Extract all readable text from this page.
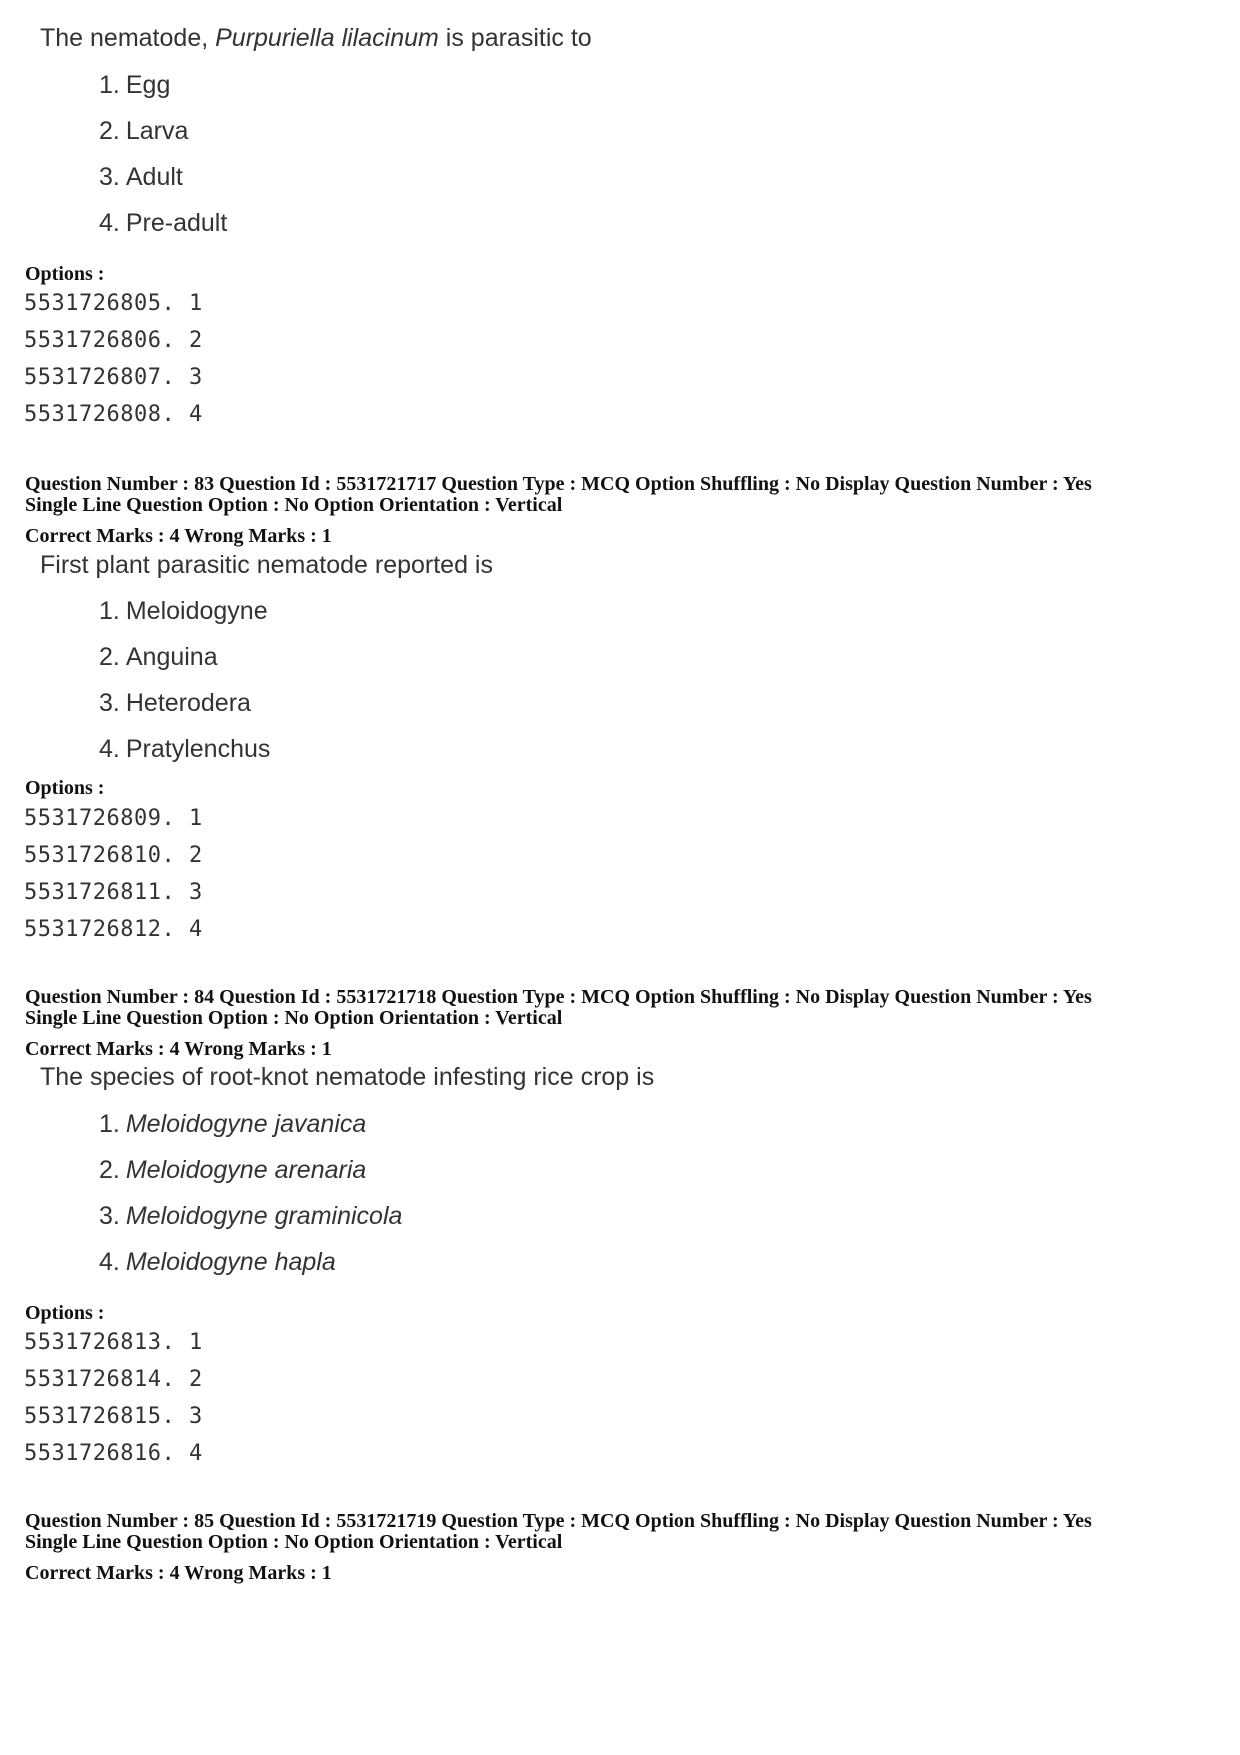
The nematode, Purpuriella lilacinum is parasitic to
1. Egg
2. Larva
3. Adult
4. Pre-adult
Options :
5531726805. 1
5531726806. 2
5531726807. 3
5531726808. 4
Question Number : 83 Question Id : 5531721717 Question Type : MCQ Option Shuffling : No Display Question Number : Yes
Single Line Question Option : No Option Orientation : Vertical
Correct Marks : 4 Wrong Marks : 1
First plant parasitic nematode reported is
1. Meloidogyne
2. Anguina
3. Heterodera
4. Pratylenchus
Options :
5531726809. 1
5531726810. 2
5531726811. 3
5531726812. 4
Question Number : 84 Question Id : 5531721718 Question Type : MCQ Option Shuffling : No Display Question Number : Yes
Single Line Question Option : No Option Orientation : Vertical
Correct Marks : 4 Wrong Marks : 1
The species of root-knot nematode infesting rice crop is
1. Meloidogyne javanica
2. Meloidogyne arenaria
3. Meloidogyne graminicola
4. Meloidogyne hapla
Options :
5531726813. 1
5531726814. 2
5531726815. 3
5531726816. 4
Question Number : 85 Question Id : 5531721719 Question Type : MCQ Option Shuffling : No Display Question Number : Yes
Single Line Question Option : No Option Orientation : Vertical
Correct Marks : 4 Wrong Marks : 1
